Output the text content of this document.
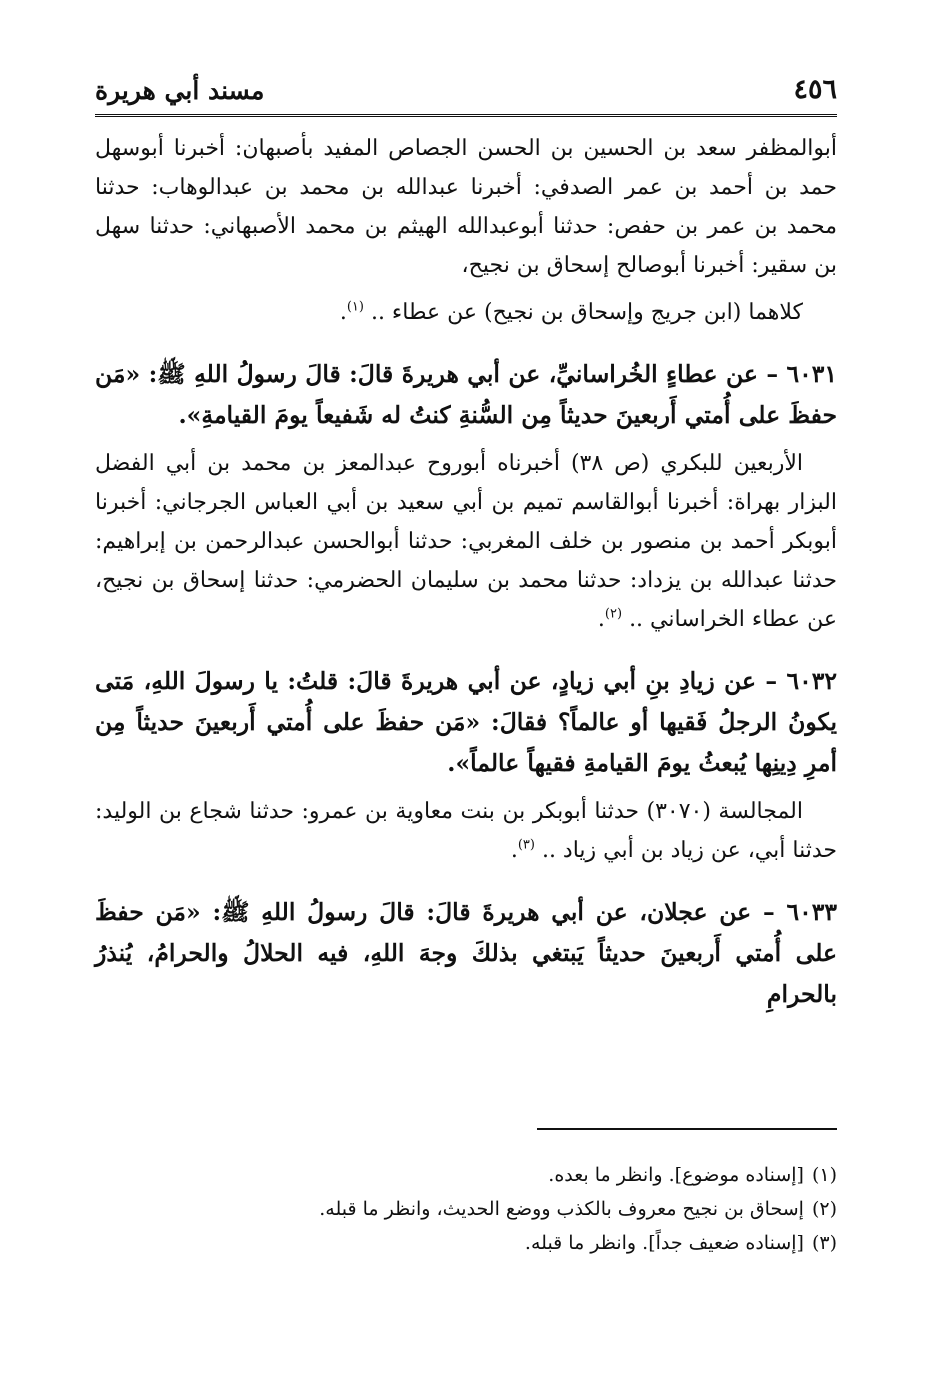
٤٥٦
مسند أبي هريرة

أبوالمظفر سعد بن الحسين بن الحسن الجصاص المفيد بأصبهان: أخبرنا أبوسهل حمد بن أحمد بن عمر الصدفي: أخبرنا عبدالله بن محمد بن عبدالوهاب: حدثنا محمد بن عمر بن حفص: حدثنا أبوعبدالله الهيثم بن محمد الأصبهاني: حدثنا سهل بن سقير: أخبرنا أبوصالح إسحاق بن نجيح،

كلاهما (ابن جريج وإسحاق بن نجيح) عن عطاء .. $^{(١)}$.

٦٠٣١ – عن عطاءٍ الخُراسانيِّ، عن أبي هريرةَ قالَ: قالَ رسولُ اللهِ ﷺ: «مَن حفظَ على أُمتي أَربعينَ حديثاً مِن السُّنةِ كنتُ له شَفيعاً يومَ القيامةِ».

الأربعين للبكري (ص ٣٨) أخبرناه أبوروح عبدالمعز بن محمد بن أبي الفضل البزار بهراة: أخبرنا أبوالقاسم تميم بن أبي سعيد بن أبي العباس الجرجاني: أخبرنا أبوبكر أحمد بن منصور بن خلف المغربي: حدثنا أبوالحسن عبدالرحمن بن إبراهيم: حدثنا عبدالله بن يزداد: حدثنا محمد بن سليمان الحضرمي: حدثنا إسحاق بن نجيح، عن عطاء الخراساني .. $^{(٢)}$.

٦٠٣٢ – عن زيادِ بنِ أبي زيادٍ، عن أبي هريرةَ قالَ: قلتُ: يا رسولَ اللهِ، مَتى يكونُ الرجلُ فَقيها أو عالماً؟ فقالَ: «مَن حفظَ على أُمتي أَربعينَ حديثاً مِن أمرِ دِينِها يُبعثُ يومَ القيامةِ فقيهاً عالماً».

المجالسة (٣٠٧٠) حدثنا أبوبكر بن بنت معاوية بن عمرو: حدثنا شجاع بن الوليد: حدثنا أبي، عن زياد بن أبي زياد .. $^{(٣)}$.

٦٠٣٣ – عن عجلان، عن أبي هريرةَ قالَ: قالَ رسولُ اللهِ ﷺ: «مَن حفظَ على أُمتي أَربعينَ حديثاً يَبتغي بذلكَ وجهَ اللهِ، فيه الحلالُ والحرامُ، يُنذرُ بالحرامِ

(١)[إسناده موضوع]. وانظر ما بعده.

(٢)إسحاق بن نجيح معروف بالكذب ووضع الحديث، وانظر ما قبله.

(٣)[إسناده ضعيف جداً]. وانظر ما قبله.
